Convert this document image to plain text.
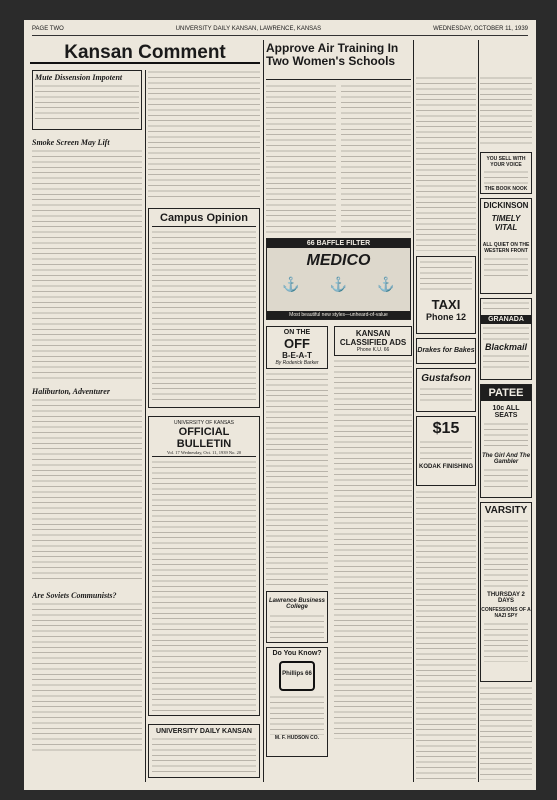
PAGE TWO	UNIVERSITY DAILY KANSAN, LAWRENCE, KANSAS	WEDNESDAY, OCTOBER 11, 1939
Kansan Comment
Mute Dissension Impotent
Smoke Screen May Lift
Haliburton, Adventurer
Are Soviets Communists?
Campus Opinion
UNIVERSITY OF KANSAS
OFFICIAL BULLETIN
Vol. 17 Wednesday, Oct. 11, 1939 No. 20
UNIVERSITY DAILY KANSAN
Approve Air Training In Two Women's Schools
66 BAFFLE FILTER
MEDICO
⚓ ⚓ ⚓
Most beautiful new styles—unheard-of-value
ON THE
OFF
B-E-A-T
By Roderick Barker
Lawrence Business College
Do You Know?
Phillips 66
M. F. HUDSON CO.
KANSAN CLASSIFIED ADS
Phone K.U. 66
TAXI
Phone 12
Drakes for Bakes
Gustafson
$15
KODAK FINISHING
YOU SELL WITH YOUR VOICE
THE BOOK NOOK
DICKINSON
TIMELY VITAL
ALL QUIET ON THE WESTERN FRONT
GRANADA
Blackmail
PATEE
10c ALL SEATS
The Girl And The Gambler
VARSITY
THURSDAY 2 DAYS
CONFESSIONS OF A NAZI SPY
